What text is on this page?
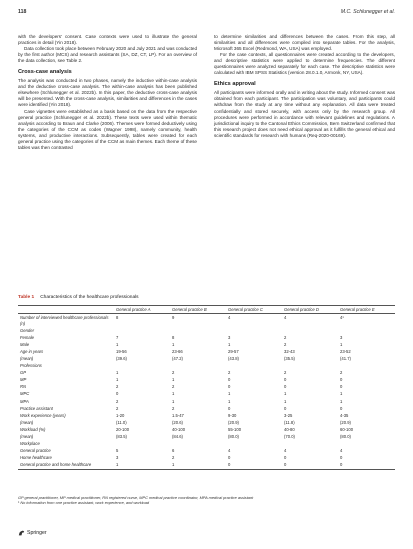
118	M.C. Schlunegger et al.

with the developers' consent. Case contexts were used to illustrate the general practices in detail (Yin 2018).

Data collection took place between February 2020 and July 2021 and was conducted by the first author (MCS) and research assistants (SA, DZ, CT, LP). For an overview of the data collection, see Table 2.

Cross-case analysis

The analysis was conducted in two phases, namely the inductive within-case analysis and the deductive cross-case analysis. The within-case analysis has been published elsewhere (Schlunegger et al. 2022b). In this paper, the deductive cross-case analysis will be presented. With the cross-case analysis, similarities and differences in the cases were identified (Yin 2018).

Case vignettes were established as a basis based on the data from the respective general practice (Schlunegger et al. 2022b). These texts were used within thematic analysis according to Braun and Clarke (2006). Themes were formed deductively using the categories of the CCM as codes (Wagner 1998), namely community, health systems, and productive interactions. Subsequently, tables were created for each general practice using the categories of the CCM as main themes. Each theme of these tables was then contrasted

to determine similarities and differences between the cases. From this step, all similarities and all differences were compiled into separate tables. For the analysis, Microsoft 365 Excel (Redmond, WA, USA) was employed.

For the case contexts, all questionnaires were created according to the developers, and descriptive statistics were applied to determine frequencies. The different questionnaires were analyzed separately for each case. The descriptive statistics were calculated with IBM SPSS Statistics (version 28.0.1.0, Armonk, NY, USA).

Ethics approval

All participants were informed orally and in writing about the study. Informed consent was obtained from each participant. The participation was voluntary, and participants could withdraw from the study at any time without any explanation. All data were treated confidentially and stored securely, with access only by the research group. All procedures were performed in accordance with relevant guidelines and regulations. A jurisdictional inquiry to the Cantonal Ethics Commission, Bern Switzerland confirmed that this research project does not need ethical approval as it fulfills the general ethical and scientific standards for research with humans (Req-2020-00169).

Table 1 Characteristics of the healthcare professionals
	General practice A	General practice B	General practice C	General practice D	General practice E
Number of interviewed healthcare professionals (n)	8	9	4	4	4¹
Gender					
Female	7	8	3	2	3
Male	1	1	1	2	1
Age in years	19-56	23-66	29-57	32-43	23-52
(mean)	(39.6)	(47.2)	(43.8)	(35.5)	(41.7)
Professions					
GP	1	2	2	2	2
MP	1	1	0	0	0
RN	2	2	0	0	0
MPC	0	1	1	1	1
MPA	2	1	1	1	1
Practice assistant	2	2	0	0	0
Work experience (years)	1-20	1.5-47	9-30	3-25	4-35
(mean)	(11.0)	(20.6)	(20.9)	(11.8)	(20.9)
Workload (%)	20-100	40-100	55-100	40-80	60-100
(mean)	(83.5)	(84.6)	(80.0)	(70.0)	(80.0)
Workplace					
General practice	5	6	4	4	4
Home healthcare	3	2	0	0	0
General practice and home healthcare	1	1	0	0	0
GP general practitioner, MP medical practitioner, RN registered nurse, MPC medical practice coordinator, MPA medical practice assistant
¹ No information from one practice assistant, work experience, and workload
Springer
